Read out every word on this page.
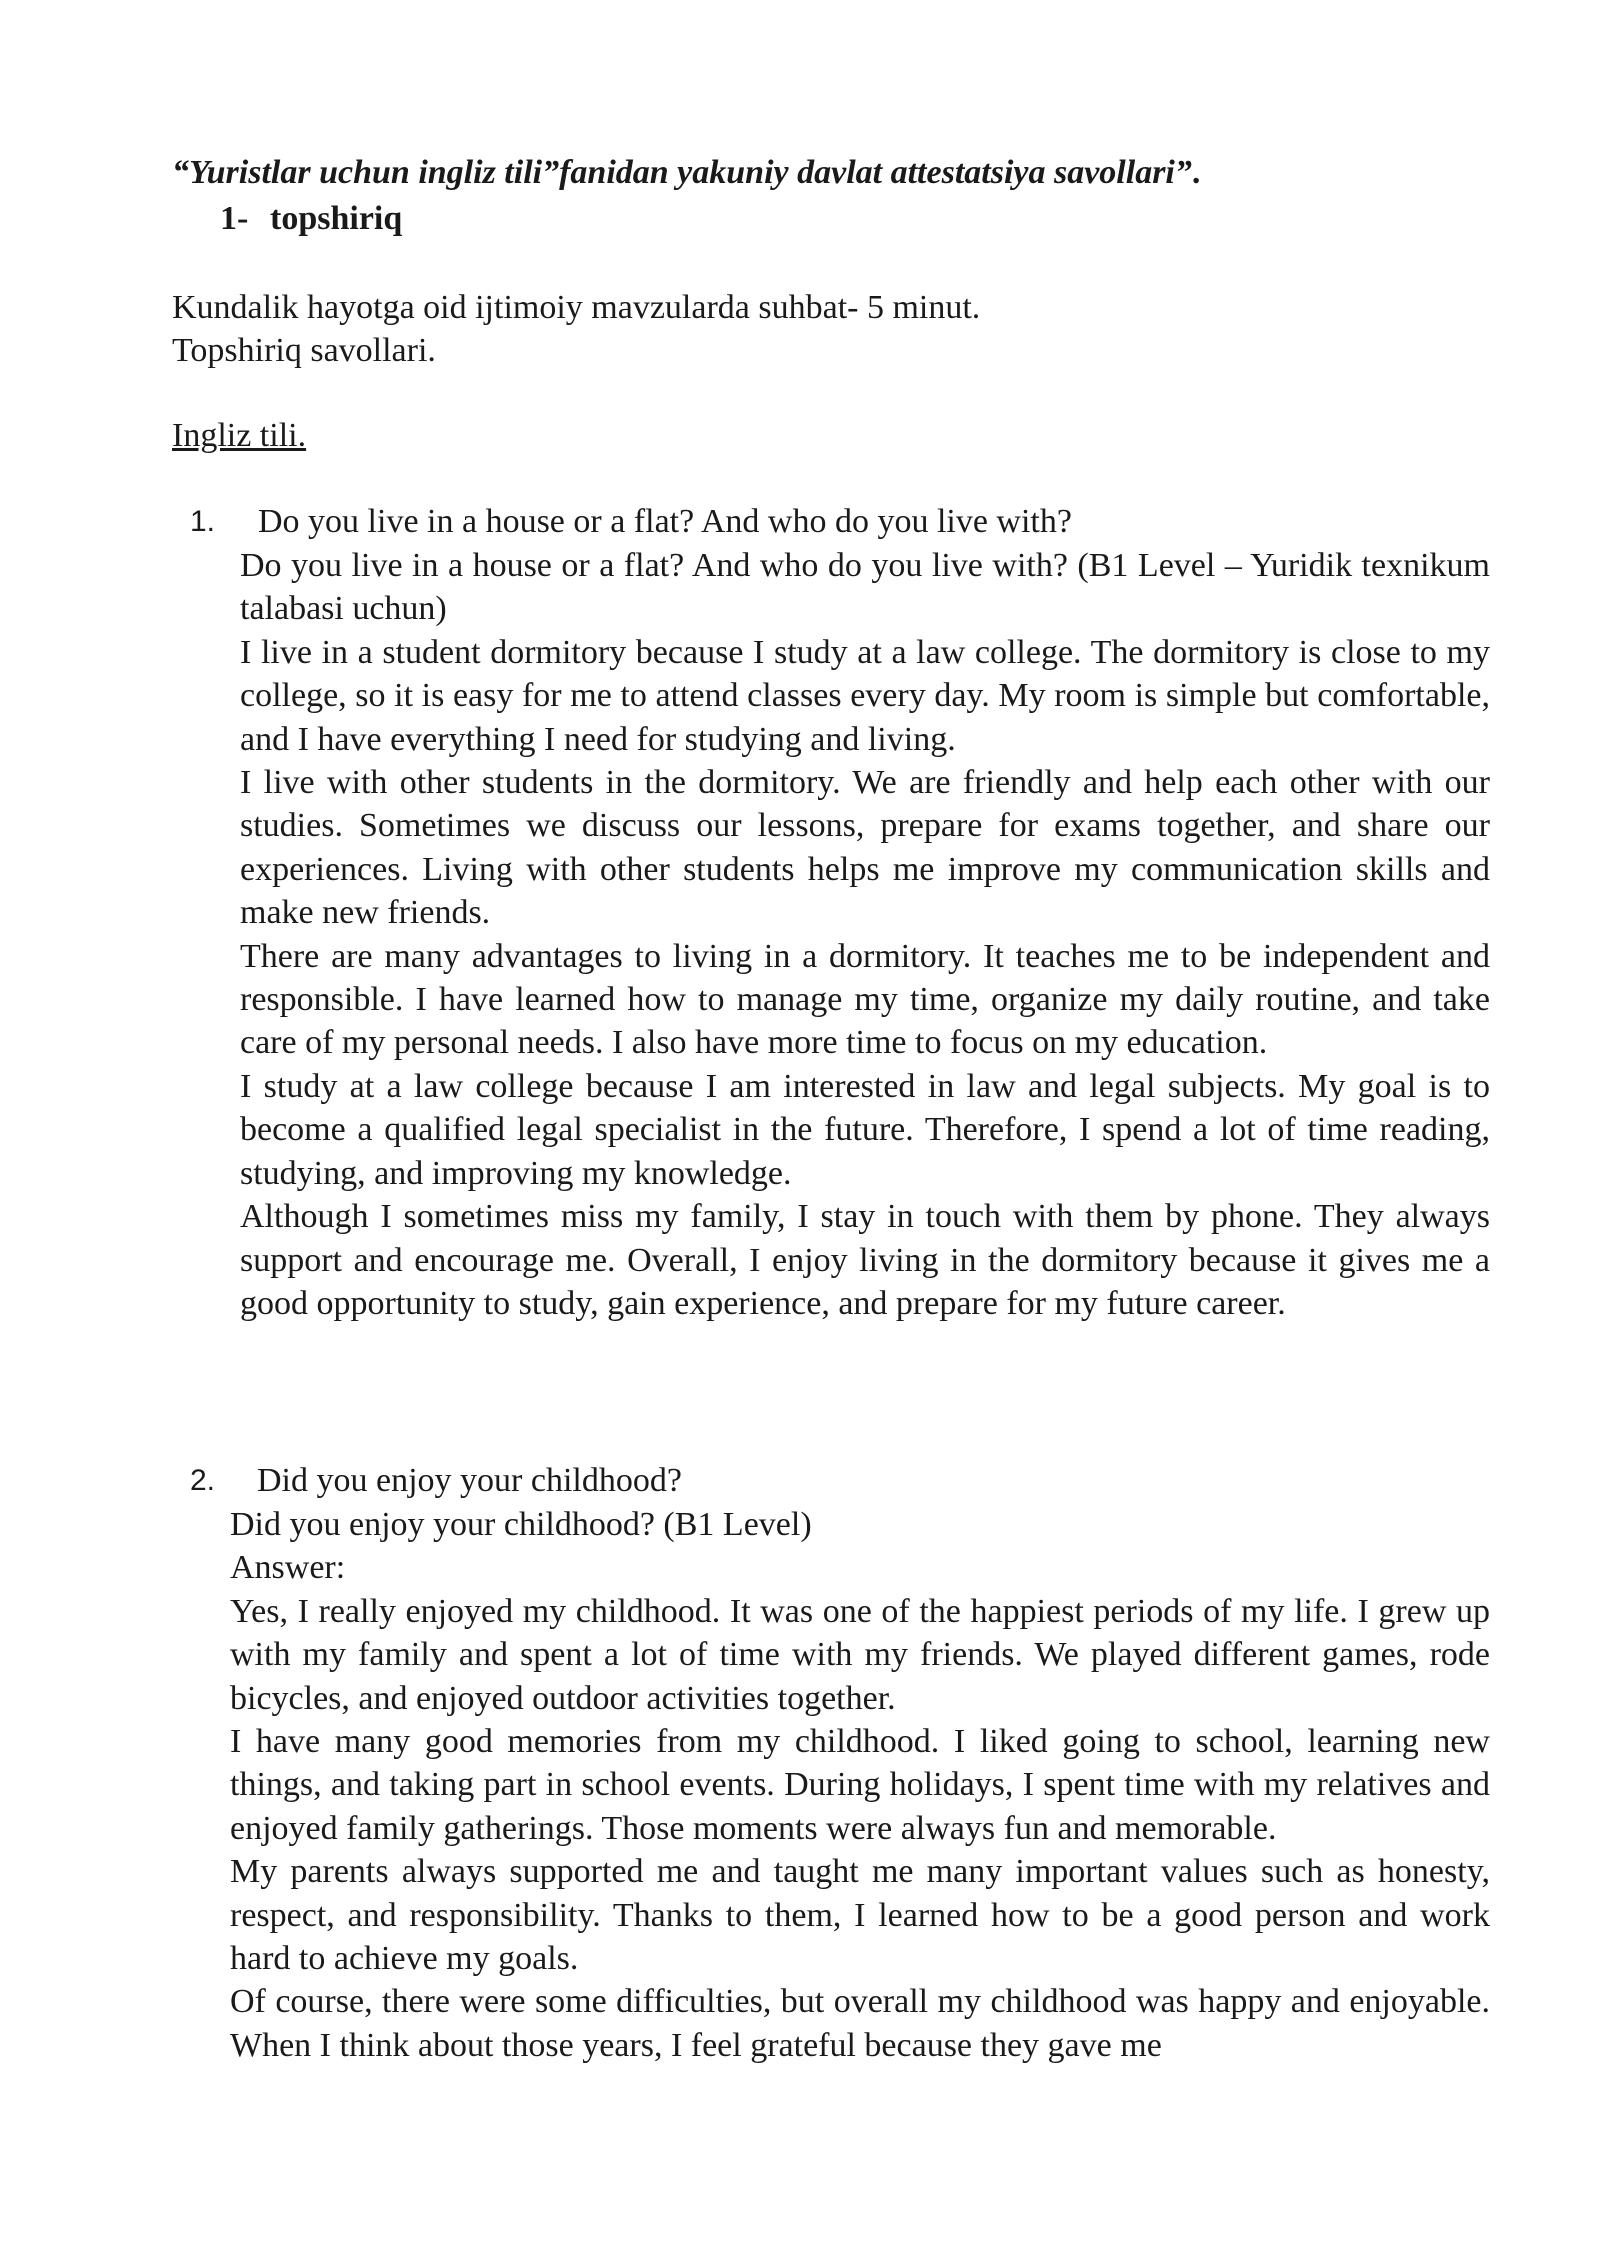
“Yuristlar uchun ingliz tili”fanidan yakuniy davlat attestatsiya savollari”.
1- topshiriq
Kundalik hayotga oid ijtimoiy mavzularda suhbat- 5 minut.
Topshiriq savollari.
Ingliz tili.
1. Do you live in a house or a flat? And who do you live with?

Do you live in a house or a flat? And who do you live with? (B1 Level – Yuridik texnikum talabasi uchun)

I live in a student dormitory because I study at a law college. The dormitory is close to my college, so it is easy for me to attend classes every day. My room is simple but comfortable, and I have everything I need for studying and living.

I live with other students in the dormitory. We are friendly and help each other with our studies. Sometimes we discuss our lessons, prepare for exams together, and share our experiences. Living with other students helps me improve my communication skills and make new friends.

There are many advantages to living in a dormitory. It teaches me to be independent and responsible. I have learned how to manage my time, organize my daily routine, and take care of my personal needs. I also have more time to focus on my education.

I study at a law college because I am interested in law and legal subjects. My goal is to become a qualified legal specialist in the future. Therefore, I spend a lot of time reading, studying, and improving my knowledge.

Although I sometimes miss my family, I stay in touch with them by phone. They always support and encourage me. Overall, I enjoy living in the dormitory because it gives me a good opportunity to study, gain experience, and prepare for my future career.

2. Did you enjoy your childhood?

Did you enjoy your childhood? (B1 Level)

Answer:

Yes, I really enjoyed my childhood. It was one of the happiest periods of my life. I grew up with my family and spent a lot of time with my friends. We played different games, rode bicycles, and enjoyed outdoor activities together.

I have many good memories from my childhood. I liked going to school, learning new things, and taking part in school events. During holidays, I spent time with my relatives and enjoyed family gatherings. Those moments were always fun and memorable.

My parents always supported me and taught me many important values such as honesty, respect, and responsibility. Thanks to them, I learned how to be a good person and work hard to achieve my goals.

Of course, there were some difficulties, but overall my childhood was happy and enjoyable. When I think about those years, I feel grateful because they gave me
